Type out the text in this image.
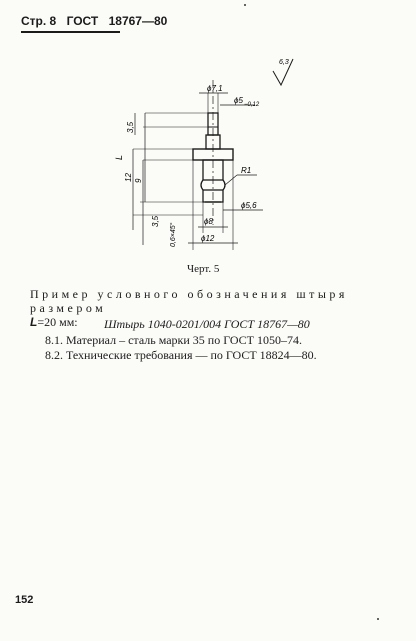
Стр. 8 ГОСТ 18767—80
6,3
ϕ7,1
ϕ5 −0,12
3,5
L
12 9
R1
ϕ5,6
3,5
0,6×45°
ϕ8
ϕ12
Черт. 5
Пример условного обозначения штыря размером
L=20 мм:	Штырь 1040-0201/004 ГОСТ 18767—80
8.1. Материал – сталь марки 35 по ГОСТ 1050–74.
8.2. Технические требования — по ГОСТ 18824—80.
152
